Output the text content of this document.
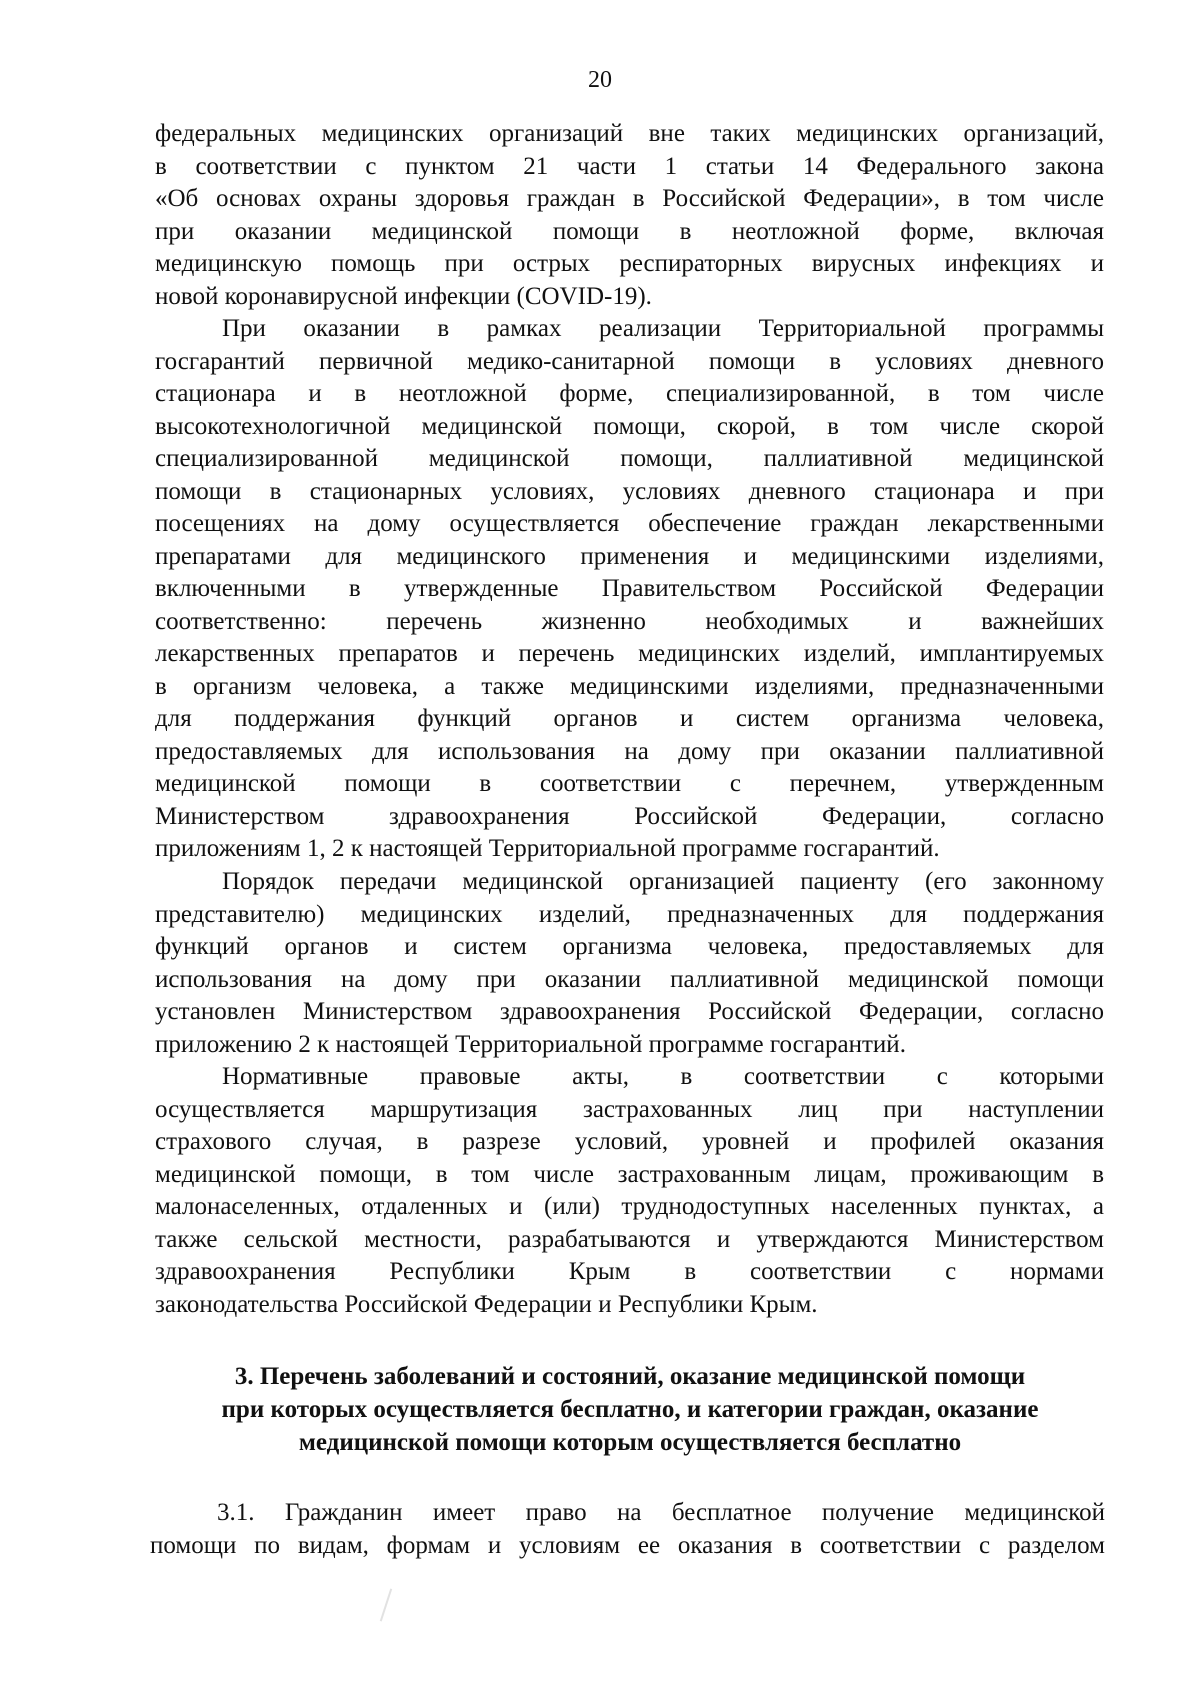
20
федеральных медицинских организаций вне таких медицинских организаций,
в соответствии с пунктом 21 части 1 статьи 14 Федерального закона
«Об основах охраны здоровья граждан в Российской Федерации», в том числе
при оказании медицинской помощи в неотложной форме, включая
медицинскую помощь при острых респираторных вирусных инфекциях и
новой коронавирусной инфекции (COVID-19).
При оказании в рамках реализации Территориальной программы
госгарантий первичной медико-санитарной помощи в условиях дневного
стационара и в неотложной форме, специализированной, в том числе
высокотехнологичной медицинской помощи, скорой, в том числе скорой
специализированной медицинской помощи, паллиативной медицинской
помощи в стационарных условиях, условиях дневного стационара и при
посещениях на дому осуществляется обеспечение граждан лекарственными
препаратами для медицинского применения и медицинскими изделиями,
включенными в утвержденные Правительством Российской Федерации
соответственно: перечень жизненно необходимых и важнейших
лекарственных препаратов и перечень медицинских изделий, имплантируемых
в организм человека, а также медицинскими изделиями, предназначенными
для поддержания функций органов и систем организма человека,
предоставляемых для использования на дому при оказании паллиативной
медицинской помощи в соответствии с перечнем, утвержденным
Министерством здравоохранения Российской Федерации, согласно
приложениям 1, 2 к настоящей Территориальной программе госгарантий.
Порядок передачи медицинской организацией пациенту (его законному
представителю) медицинских изделий, предназначенных для поддержания
функций органов и систем организма человека, предоставляемых для
использования на дому при оказании паллиативной медицинской помощи
установлен Министерством здравоохранения Российской Федерации, согласно
приложению 2 к настоящей Территориальной программе госгарантий.
Нормативные правовые акты, в соответствии с которыми
осуществляется маршрутизация застрахованных лиц при наступлении
страхового случая, в разрезе условий, уровней и профилей оказания
медицинской помощи, в том числе застрахованным лицам, проживающим в
малонаселенных, отдаленных и (или) труднодоступных населенных пунктах, а
также сельской местности, разрабатываются и утверждаются Министерством
здравоохранения Республики Крым в соответствии с нормами
законодательства Российской Федерации и Республики Крым.
3. Перечень заболеваний и состояний, оказание медицинской помощи
при которых осуществляется бесплатно, и категории граждан, оказание
медицинской помощи которым осуществляется бесплатно
3.1. Гражданин имеет право на бесплатное получение медицинской
помощи по видам, формам и условиям ее оказания в соответствии с разделом
